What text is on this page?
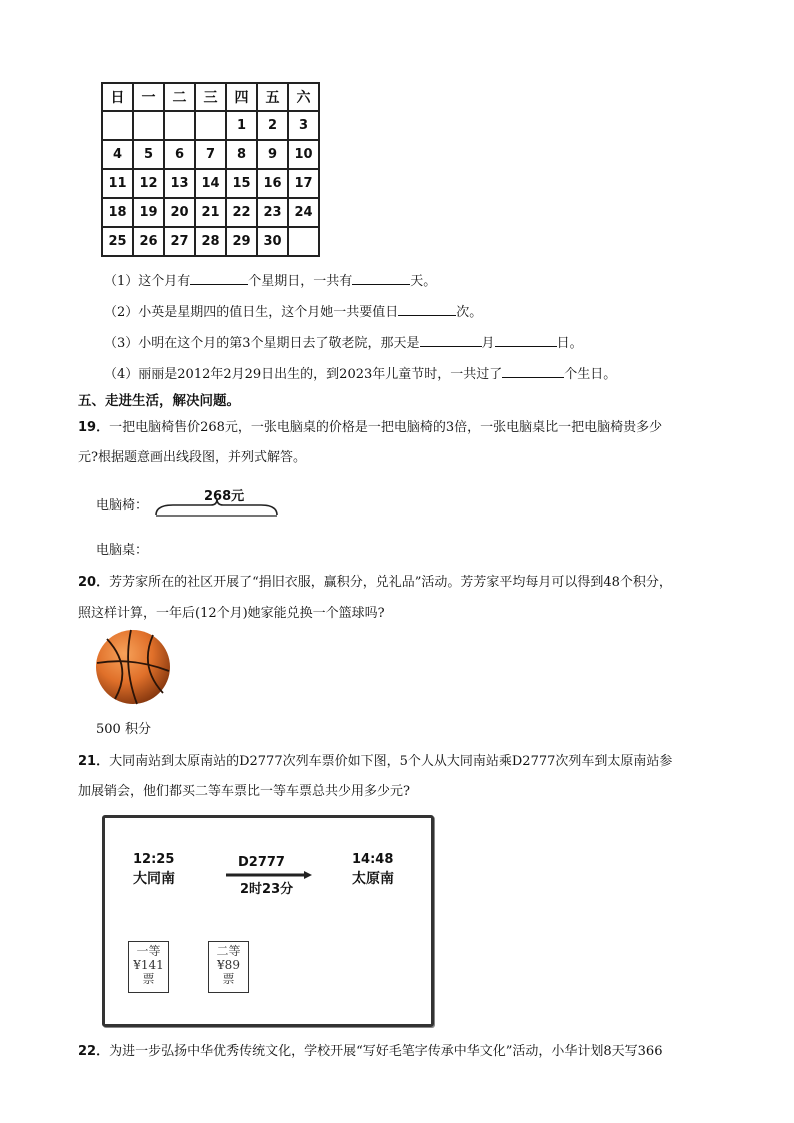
日	一	二	三	四	五	六
				1	2	3
4	5	6	7	8	9	10
11	12	13	14	15	16	17
18	19	20	21	22	23	24
25	26	27	28	29	30	
（1）这个月有	个星期日，一共有	天。
（2）小英是星期四的值日生，这个月她一共要值日	次。
（3）小明在这个月的第3个星期日去了敬老院，那天是	月	日。
（4）丽丽是2012年2月29日出生的，到2023年儿童节时，一共过了	个生日。
五、走进生活，解决问题。
19．一把电脑椅售价268元，一张电脑桌的价格是一把电脑椅的3倍，一张电脑桌比一把电脑椅贵多少
元?根据题意画出线段图，并列式解答。
电脑椅：
268元
电脑桌：
20．芳芳家所在的社区开展了“捐旧衣服，赢积分，兑礼品”活动。芳芳家平均每月可以得到48个积分，
照这样计算，一年后(12个月)她家能兑换一个篮球吗?
500 积分
21．大同南站到太原南站的D2777次列车票价如下图，5个人从大同南站乘D2777次列车到太原南站参
加展销会，他们都买二等车票比一等车票总共少用多少元?
12:25
大同南
D2777
2时23分
14:48
太原南
一等
¥141
票
二等
¥89
票
22．为进一步弘扬中华优秀传统文化，学校开展“写好毛笔字传承中华文化”活动，小华计划8天写366
